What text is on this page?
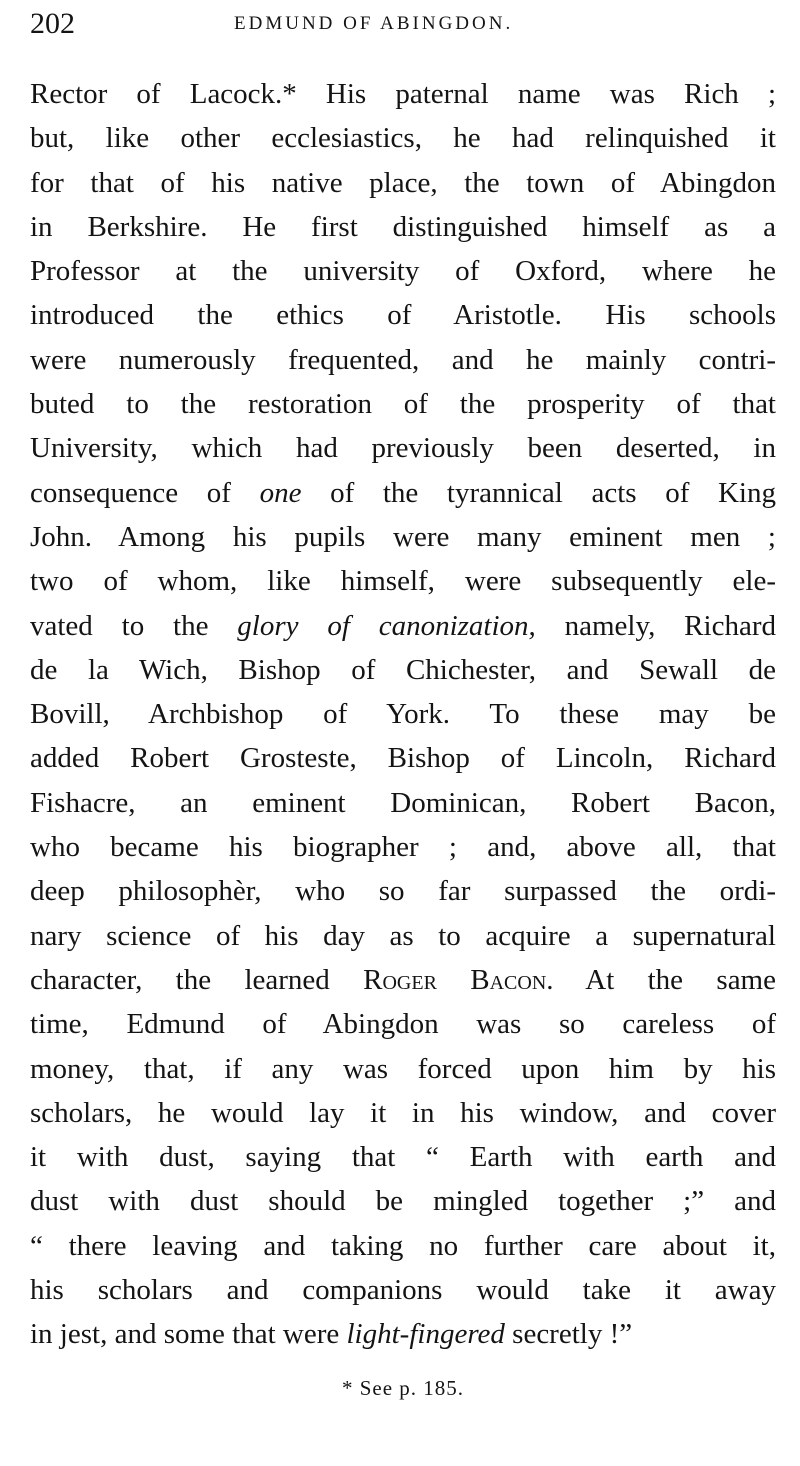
202	EDMUND OF ABINGDON.
Rector of Lacock.* His paternal name was Rich ;
but, like other ecclesiastics, he had relinquished it
for that of his native place, the town of Abingdon
in Berkshire. He first distinguished himself as a
Professor at the university of Oxford, where he
introduced the ethics of Aristotle. His schools
were numerously frequented, and he mainly contri-
buted to the restoration of the prosperity of that
University, which had previously been deserted, in
consequence of one of the tyrannical acts of King
John. Among his pupils were many eminent men ;
two of whom, like himself, were subsequently ele-
vated to the glory of canonization, namely, Richard
de la Wich, Bishop of Chichester, and Sewall de
Bovill, Archbishop of York. To these may be
added Robert Grosteste, Bishop of Lincoln, Richard
Fishacre, an eminent Dominican, Robert Bacon,
who became his biographer ; and, above all, that
deep philosophèr, who so far surpassed the ordi-
nary science of his day as to acquire a supernatural
character, the learned Roger Bacon. At the same
time, Edmund of Abingdon was so careless of
money, that, if any was forced upon him by his
scholars, he would lay it in his window, and cover
it with dust, saying that “ Earth with earth and
dust with dust should be mingled together ;” and
“ there leaving and taking no further care about it,
his scholars and companions would take it away
in jest, and some that were light-fingered secretly !”
* See p. 185.
